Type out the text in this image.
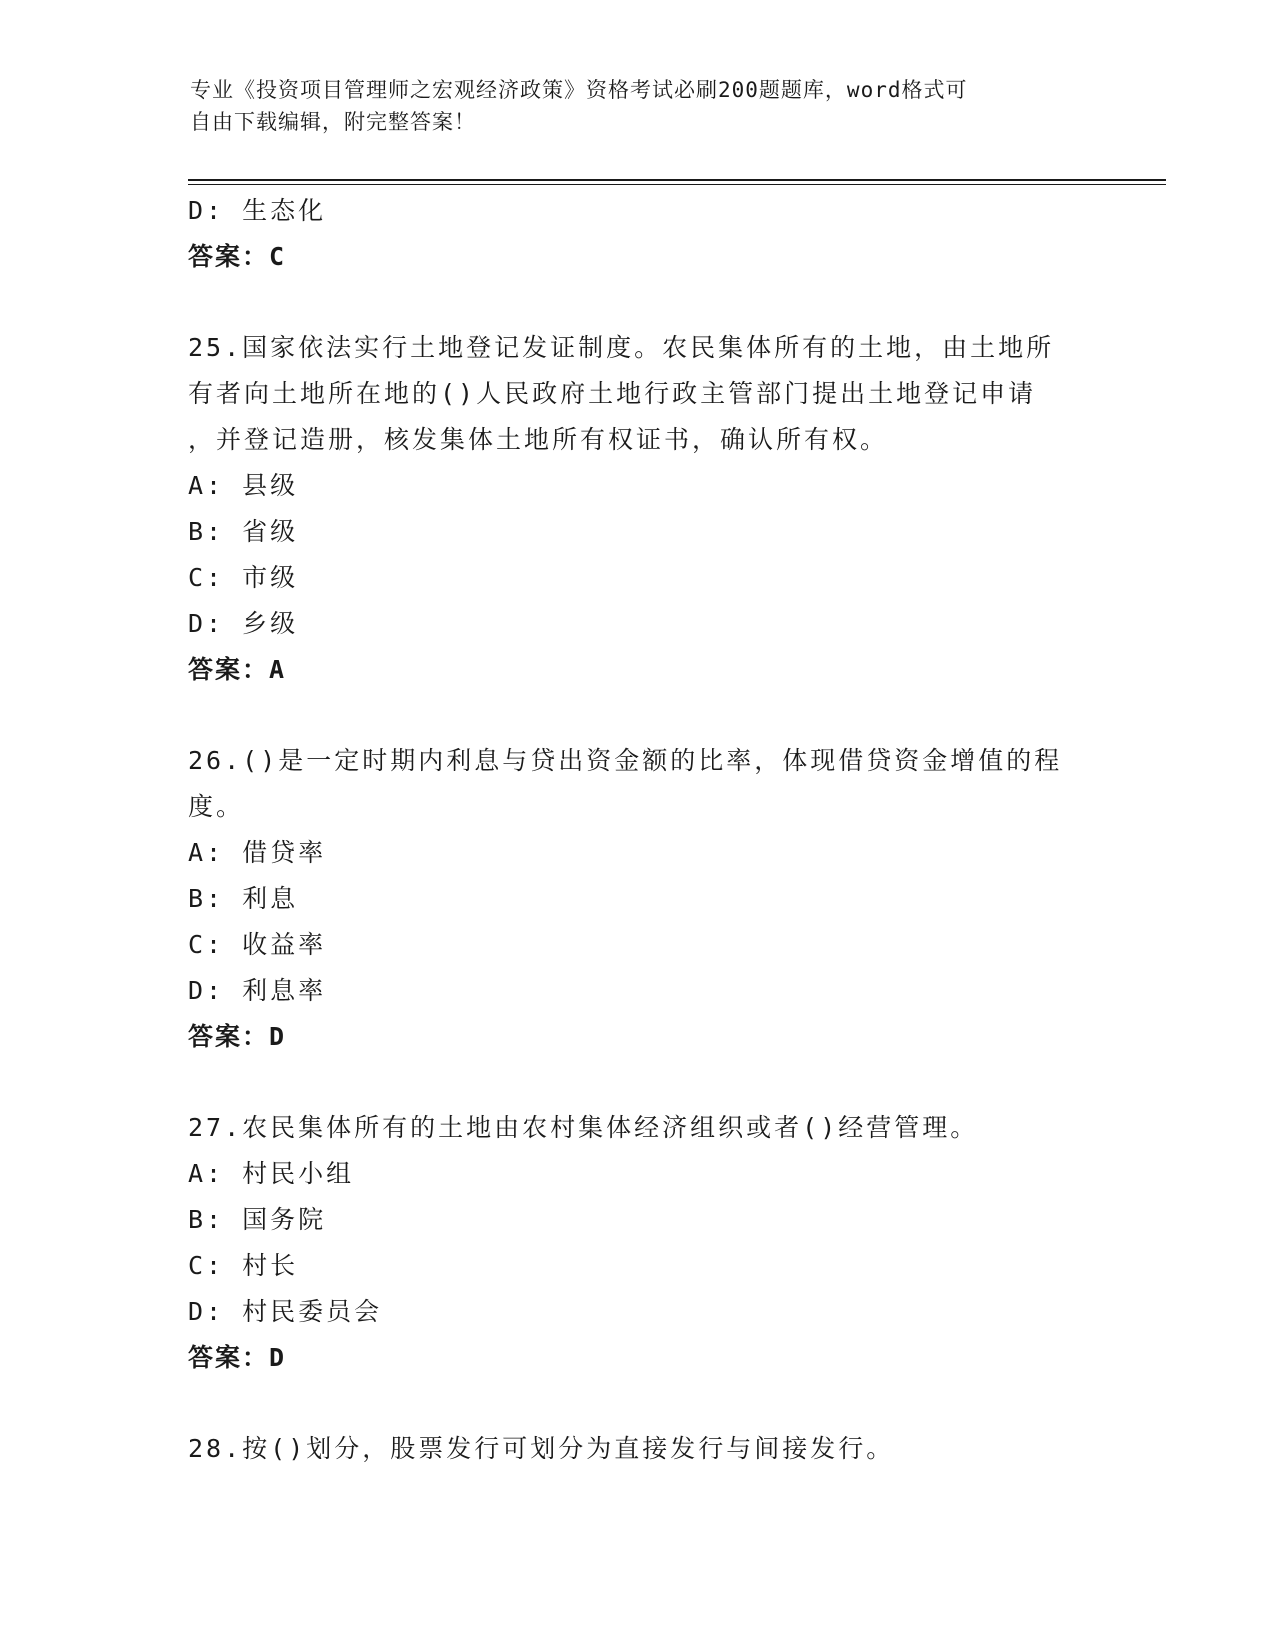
专业《投资项目管理师之宏观经济政策》资格考试必刷200题题库，word格式可
自由下载编辑，附完整答案！
D: 生态化
答案：C
25.国家依法实行土地登记发证制度。农民集体所有的土地，由土地所
有者向土地所在地的()人民政府土地行政主管部门提出土地登记申请
，并登记造册，核发集体土地所有权证书，确认所有权。
A: 县级
B: 省级
C: 市级
D: 乡级
答案：A
26.()是一定时期内利息与贷出资金额的比率，体现借贷资金增值的程
度。
A: 借贷率
B: 利息
C: 收益率
D: 利息率
答案：D
27.农民集体所有的土地由农村集体经济组织或者()经营管理。
A: 村民小组
B: 国务院
C: 村长
D: 村民委员会
答案：D
28.按()划分，股票发行可划分为直接发行与间接发行。
